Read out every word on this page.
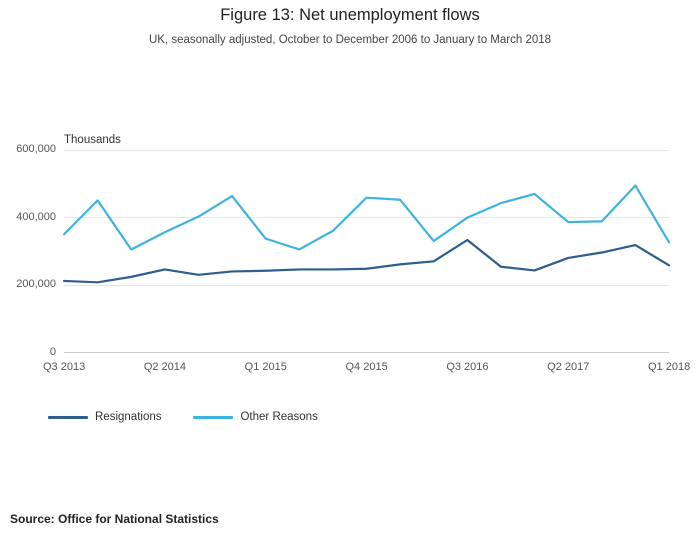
Figure 13: Net unemployment flows
UK, seasonally adjusted, October to December 2006 to January to March 2018
Thousands
600,000
400,000
200,000
0
Q3 2013	Q2 2014	Q1 2015	Q4 2015	Q3 2016	Q2 2017	Q1 2018
Resignations	Other Reasons
Source: Office for National Statistics
